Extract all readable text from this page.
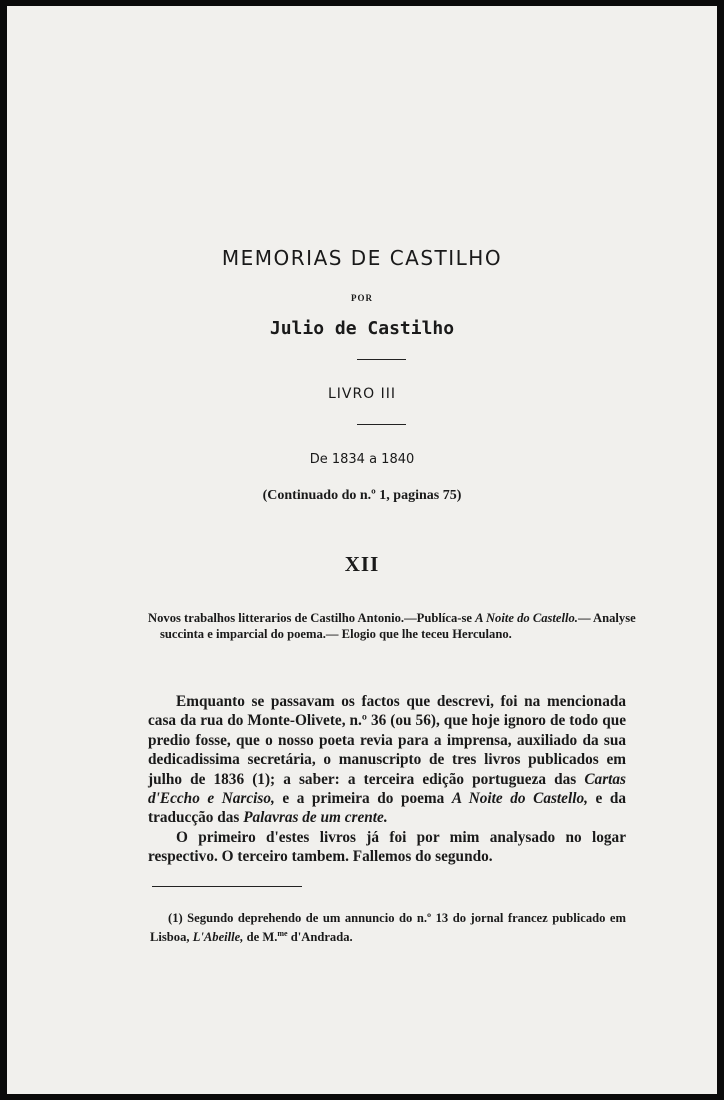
MEMORIAS DE CASTILHO
POR
Julio de Castilho
LIVRO III
De 1834 a 1840
(Continuado do n.º 1, paginas 75)
XII
Novos trabalhos litterarios de Castilho Antonio.—Publíca-se A Noite do Castello.— Analyse succinta e imparcial do poema.— Elogio que lhe teceu Herculano.

Emquanto se passavam os factos que descrevi, foi na mencionada casa da rua do Monte-Olivete, n.º 36 (ou 56), que hoje ignoro de todo que predio fosse, que o nosso poeta revia para a imprensa, auxiliado da sua dedicadissima secretária, o manuscripto de tres livros publicados em julho de 1836 (1); a saber: a terceira edição portugueza das Cartas d'Eccho e Narciso, e a primeira do poema A Noite do Castello, e da traducção das Palavras de um crente.

O primeiro d'estes livros já foi por mim analysado no logar respectivo. O terceiro tambem. Fallemos do segundo.

(1) Segundo deprehendo de um annuncio do n.º 13 do jornal francez publicado em Lisboa, L'Abeille, de M.$^{me}$ d'Andrada.
